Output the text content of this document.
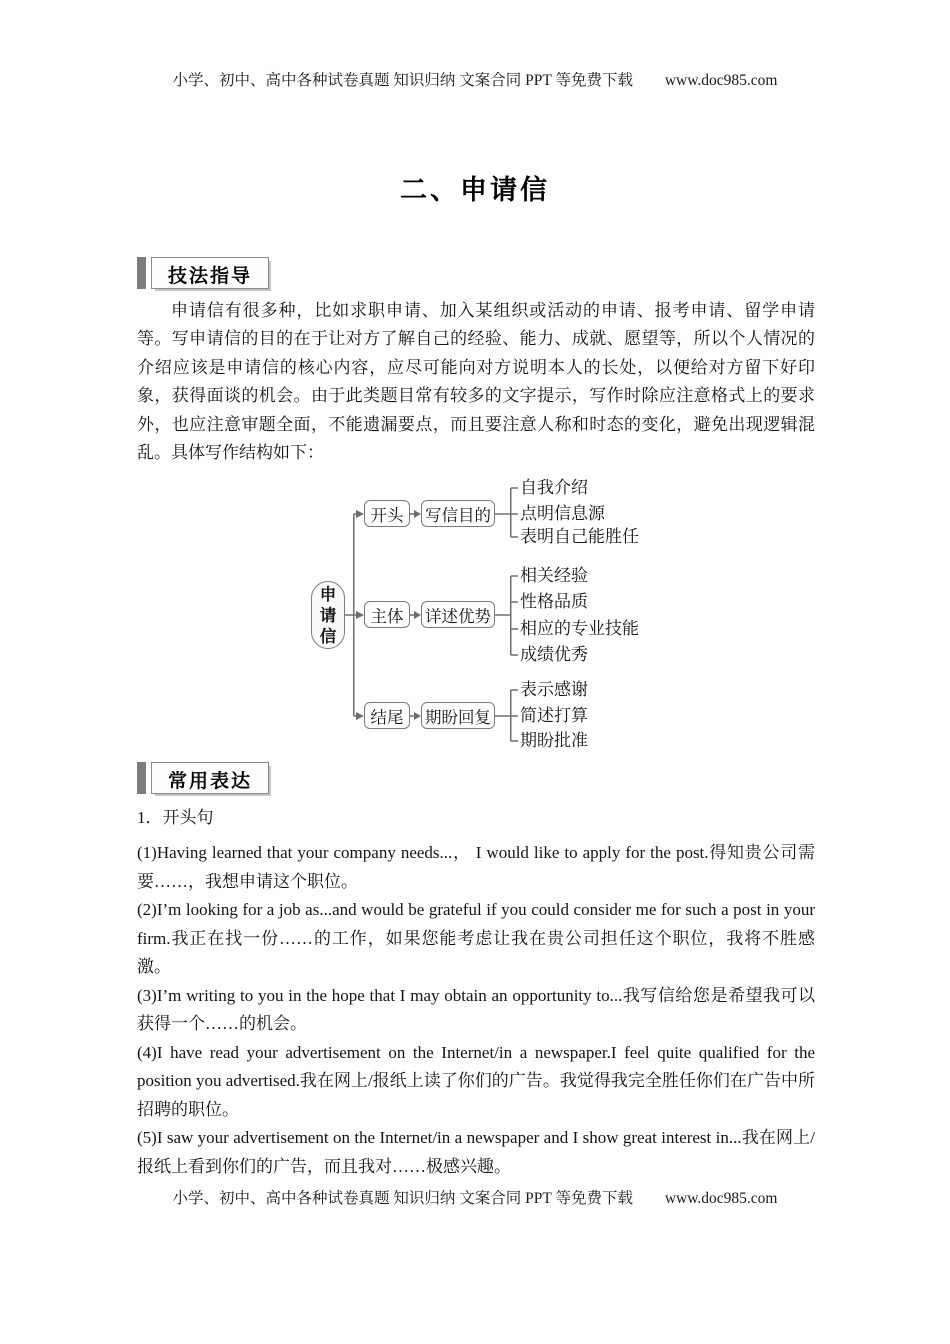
小学、初中、高中各种试卷真题 知识归纳 文案合同 PPT 等免费下载 www.doc985.com
二、申请信
技法指导

申请信有很多种，比如求职申请、加入某组织或活动的申请、报考申请、留学申请等。写申请信的目的在于让对方了解自己的经验、能力、成就、愿望等，所以个人情况的介绍应该是申请信的核心内容，应尽可能向对方说明本人的长处，以便给对方留下好印象，获得面谈的机会。由于此类题目常有较多的文字提示，写作时除应注意格式上的要求外，也应注意审题全面，不能遗漏要点，而且要注意人称和时态的变化，避免出现逻辑混乱。具体写作结构如下：

申请信
开头	写信目的
自我介绍
点明信息源
表明自己能胜任
主体	详述优势
相关经验
性格品质
相应的专业技能
成绩优秀
结尾	期盼回复
表示感谢
简述打算
期盼批准
常用表达
1．开头句

(1)Having learned that your company needs...， I would like to apply for the post.得知贵公司需要……，我想申请这个职位。

(2)I’m looking for a job as...and would be grateful if you could consider me for such a post in your firm.我正在找一份……的工作，如果您能考虑让我在贵公司担任这个职位，我将不胜感激。

(3)I’m writing to you in the hope that I may obtain an opportunity to...我写信给您是希望我可以获得一个……的机会。

(4)I have read your advertisement on the Internet/in a newspaper.I feel quite qualified for the position you advertised.我在网上/报纸上读了你们的广告。我觉得我完全胜任你们在广告中所招聘的职位。

(5)I saw your advertisement on the Internet/in a newspaper and I show great interest in...我在网上/报纸上看到你们的广告，而且我对……极感兴趣。

小学、初中、高中各种试卷真题 知识归纳 文案合同 PPT 等免费下载 www.doc985.com
